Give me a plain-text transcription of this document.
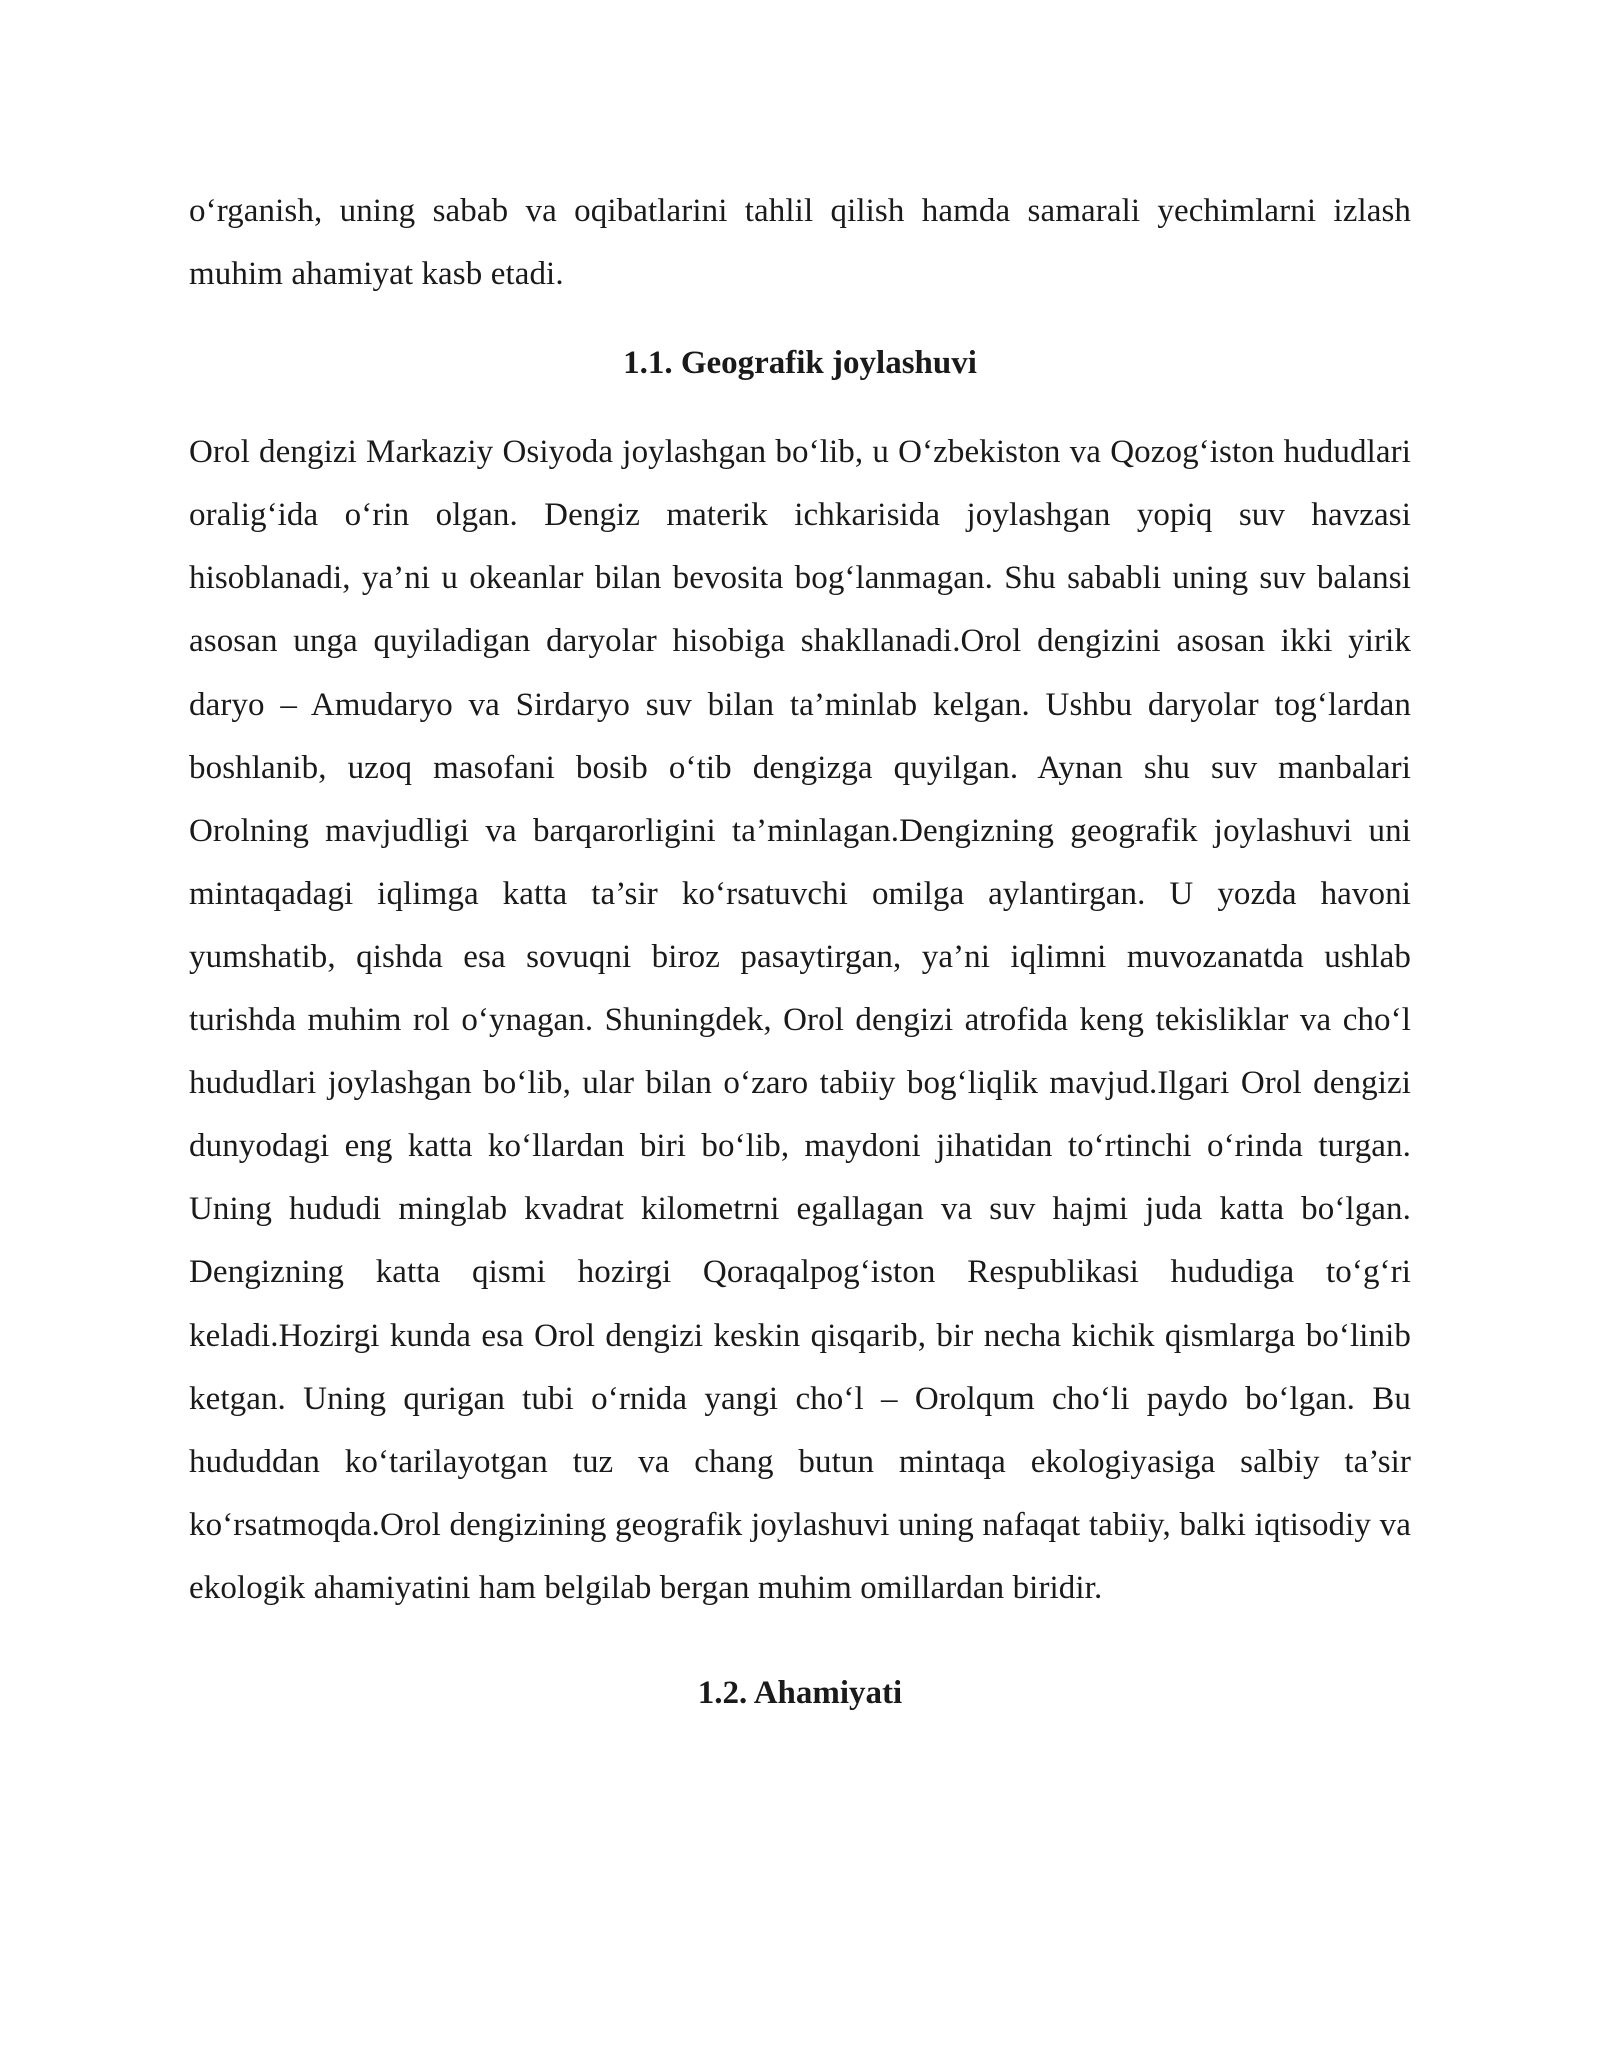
o‘rganish, uning sabab va oqibatlarini tahlil qilish hamda samarali yechimlarni izlash muhim ahamiyat kasb etadi.

1.1. Geografik joylashuvi

Orol dengizi Markaziy Osiyoda joylashgan bo‘lib, u O‘zbekiston va Qozog‘iston hududlari oralig‘ida o‘rin olgan. Dengiz materik ichkarisida joylashgan yopiq suv havzasi hisoblanadi, ya’ni u okeanlar bilan bevosita bog‘lanmagan. Shu sababli uning suv balansi asosan unga quyiladigan daryolar hisobiga shakllanadi.Orol dengizini asosan ikki yirik daryo – Amudaryo va Sirdaryo suv bilan ta’minlab kelgan. Ushbu daryolar tog‘lardan boshlanib, uzoq masofani bosib o‘tib dengizga quyilgan. Aynan shu suv manbalari Orolning mavjudligi va barqarorligini ta’minlagan.Dengizning geografik joylashuvi uni mintaqadagi iqlimga katta ta’sir ko‘rsatuvchi omilga aylantirgan. U yozda havoni yumshatib, qishda esa sovuqni biroz pasaytirgan, ya’ni iqlimni muvozanatda ushlab turishda muhim rol o‘ynagan. Shuningdek, Orol dengizi atrofida keng tekisliklar va cho‘l hududlari joylashgan bo‘lib, ular bilan o‘zaro tabiiy bog‘liqlik mavjud.Ilgari Orol dengizi dunyodagi eng katta ko‘llardan biri bo‘lib, maydoni jihatidan to‘rtinchi o‘rinda turgan. Uning hududi minglab kvadrat kilometrni egallagan va suv hajmi juda katta bo‘lgan. Dengizning katta qismi hozirgi Qoraqalpog‘iston Respublikasi hududiga to‘g‘ri keladi.Hozirgi kunda esa Orol dengizi keskin qisqarib, bir necha kichik qismlarga bo‘linib ketgan. Uning qurigan tubi o‘rnida yangi cho‘l – Orolqum cho‘li paydo bo‘lgan. Bu hududdan ko‘tarilayotgan tuz va chang butun mintaqa ekologiyasiga salbiy ta’sir ko‘rsatmoqda.Orol dengizining geografik joylashuvi uning nafaqat tabiiy, balki iqtisodiy va ekologik ahamiyatini ham belgilab bergan muhim omillardan biridir.

1.2. Ahamiyati
